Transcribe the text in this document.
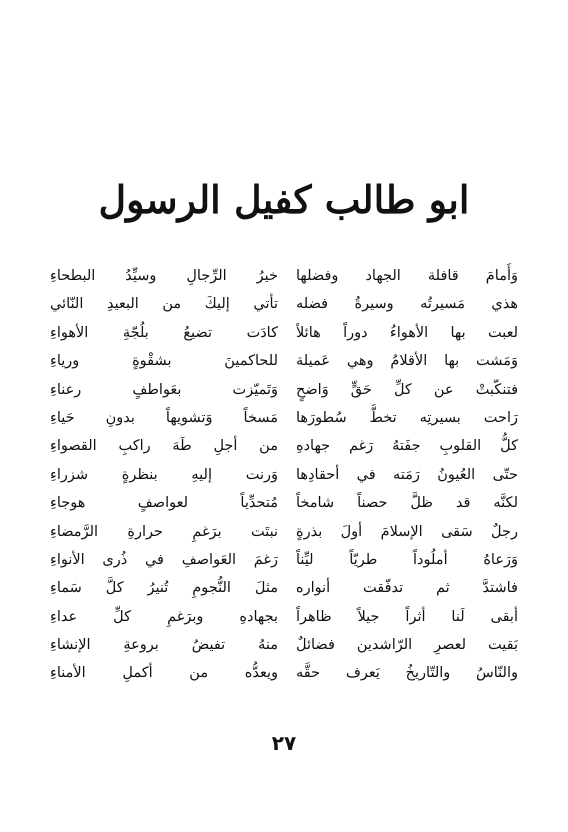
ابو طالب كفيل الرسول
وَأَمامَ قافلة الجهاد وفضلها
هذي مَسيرتُه وسيرةُ فضله
لعبت بها الأهواءُ دوراً هائلاً
وَمَشت بها الأقلامُ وهي عَميلة
فتنكّبتْ عن كلِّ حَقٍّ وَاضحٍ
رَاحت بسيرتِه تخطُّ سُطورَها
كلُّ القلوبِ جفَتهُ رَغم جهادهِ
حتّى العُيونُ رَمَته في أحقادِها
لكنَّه قد ظلَّ حصناً شامخاً
رجلٌ سَقى الإسلامَ أولَ بذرةٍ
وَرَعاهُ أملُوداً طريّاً ليِّناً
فاشتدَّ ثم تدفّقت أنواره
أبقى لَنا أثراً جيلاً ظاهراً
بَقيت لعصرِ الرّاشدين فضائلٌ
والنّاسُ والتّاريخُ يَعرف حقَّه
خيرُ الرِّجالِ وسيِّدُ البطحاءِ
تأتي إليكَ من البعيدِ النّائي
كادَت تضيعُ بلُجّةِ الأهواءِ
للحاكمينَ بشقْوةٍ ورياءِ
وَتَميّزت بعَواطفٍ رعناءِ
مَسخاً وَتشويهاً بدونِ حَياءِ
من أجلِ طَهَ راكبِ القصواءِ
وَرنت إليهِ بنظرةٍ شزراءِ
مُتحدِّياً لعواصفٍ هوجاءِ
نبتَت برَغمِ حرارةِ الرَّمضاءِ
رَغمَ العَواصفِ في ذُرى الأنواءِ
مثلَ النُّجومِ تُنيرُ كلَّ سَماءِ
بجهادهِ وبرَغمِ كلِّ عداءِ
منهُ تفيضُ بروعةِ الإنشاءِ
ويعدُّه من أكملِ الأمناءِ
٢٧
